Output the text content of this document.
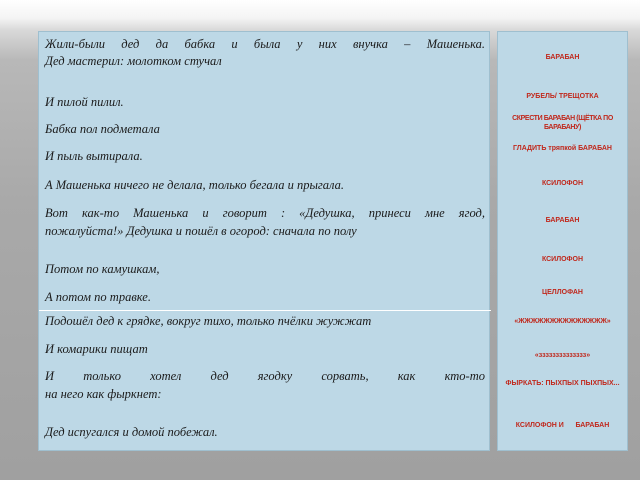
Жили-были дед да бабка и была у них внучка – Машенька.
Дед мастерил: молотком стучал
И пилой пилил.
Бабка пол подметала
И пыль вытирала.
А Машенька ничего не делала, только бегала и прыгала.
Вот как-то Машенька и говорит : «Дедушка, принеси мне ягод,
пожалуйста!» Дедушка и пошёл в огород: сначала по полу
Потом по камушкам,
А потом по травке.
Подошёл дед к грядке, вокруг тихо, только пчёлки жужжат
И комарики пищат
И только хотел дед ягодку сорвать, как кто-то
на него как фыркнет:
Дед испугался и домой побежал.
БАРАБАН
РУБЕЛЬ/ ТРЕЩОТКА
СКРЕСТИ БАРАБАН (ЩЁТКА ПО БАРАБАНУ)
ГЛАДИТЬ тряпкой БАРАБАН
КСИЛОФОН
БАРАБАН
КСИЛОФОН
ЦЕЛЛОФАН
«ЖЖЖЖЖЖЖЖЖЖЖЖЖЖ»
«зззззззззззззз»
ФЫРКАТЬ: ПЫХПЫХ ПЫХПЫХ...
КСИЛОФОН И      БАРАБАН
